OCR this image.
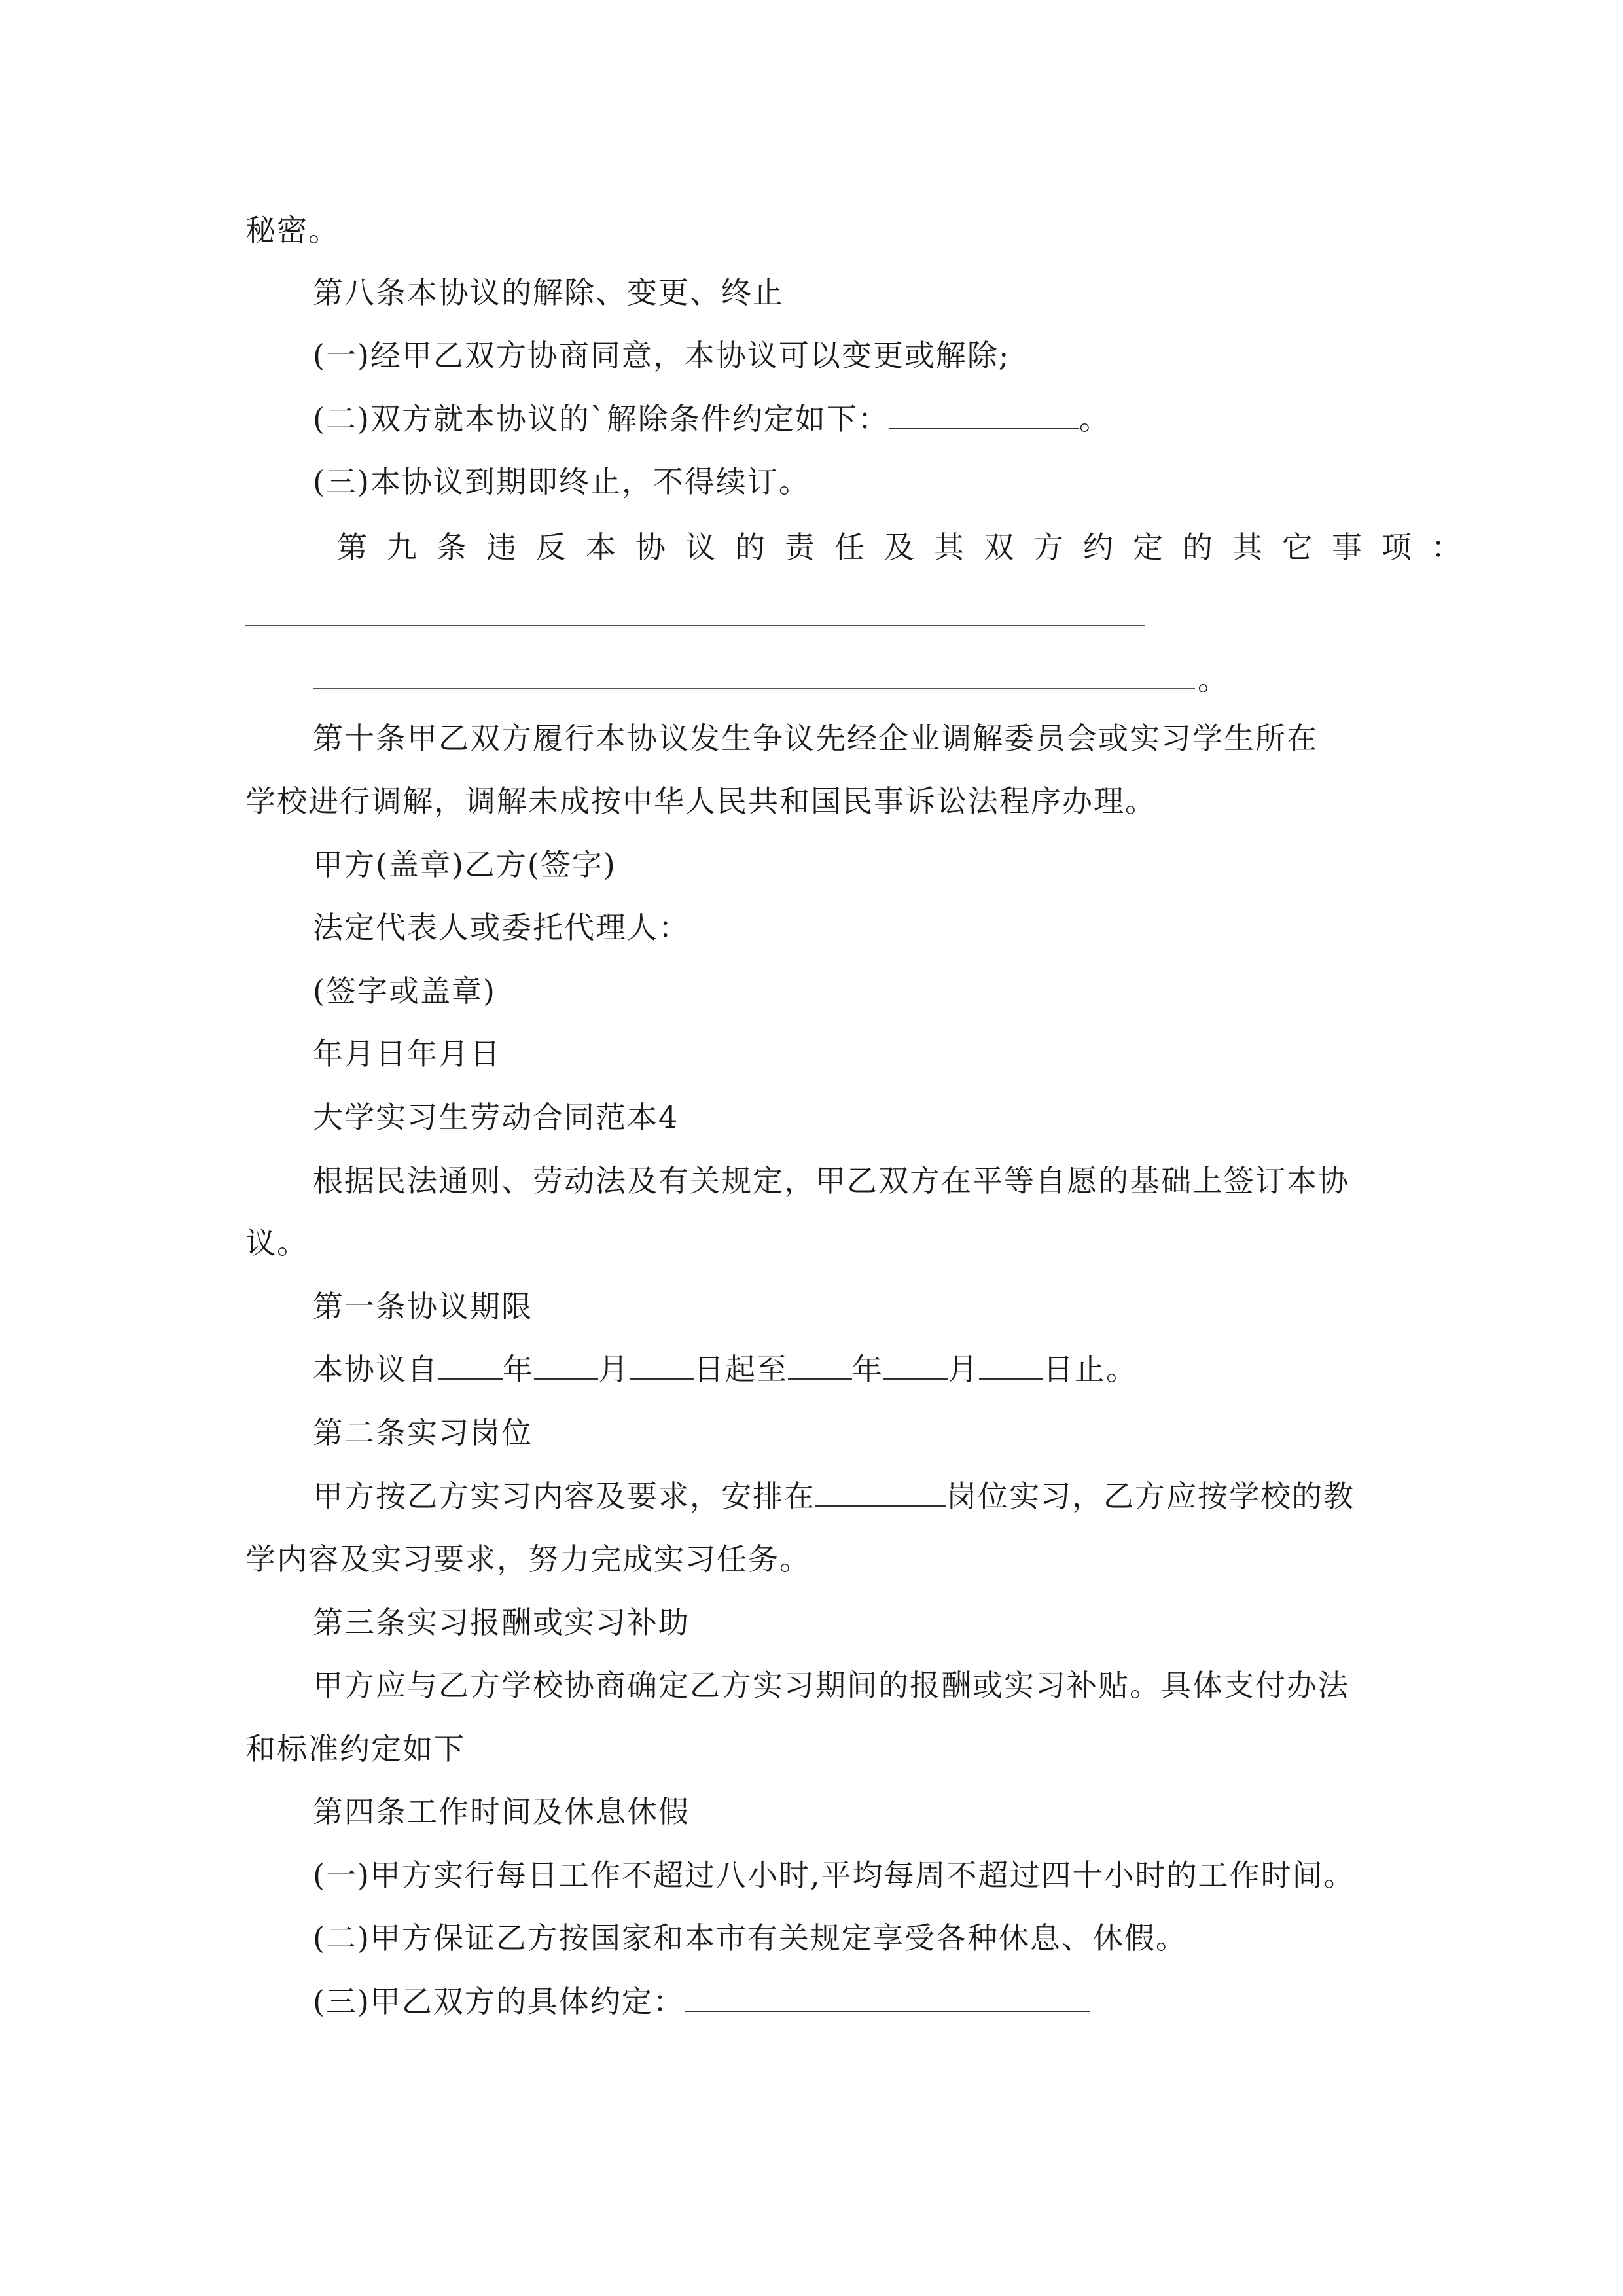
秘密。
第八条本协议的解除、变更、终止
(一)经甲乙双方协商同意，本协议可以变更或解除;
(二)双方就本协议的`解除条件约定如下：	。
(三)本协议到期即终止，不得续订。
第九条违反本协议的责任及其双方约定的其它事项：
。
第十条甲乙双方履行本协议发生争议先经企业调解委员会或实习学生所在
学校进行调解，调解未成按中华人民共和国民事诉讼法程序办理。
甲方(盖章)乙方(签字)
法定代表人或委托代理人：
(签字或盖章)
年月日年月日
大学实习生劳动合同范本4
根据民法通则、劳动法及有关规定，甲乙双方在平等自愿的基础上签订本协
议。
第一条协议期限
本协议自 年 月 日起至 年 月 日止。
第二条实习岗位
甲方按乙方实习内容及要求，安排在	岗位实习，乙方应按学校的教
学内容及实习要求，努力完成实习任务。
第三条实习报酬或实习补助
甲方应与乙方学校协商确定乙方实习期间的报酬或实习补贴。具体支付办法
和标准约定如下
第四条工作时间及休息休假
(一)甲方实行每日工作不超过八小时,平均每周不超过四十小时的工作时间。
(二)甲方保证乙方按国家和本市有关规定享受各种休息、休假。
(三)甲乙双方的具体约定：
